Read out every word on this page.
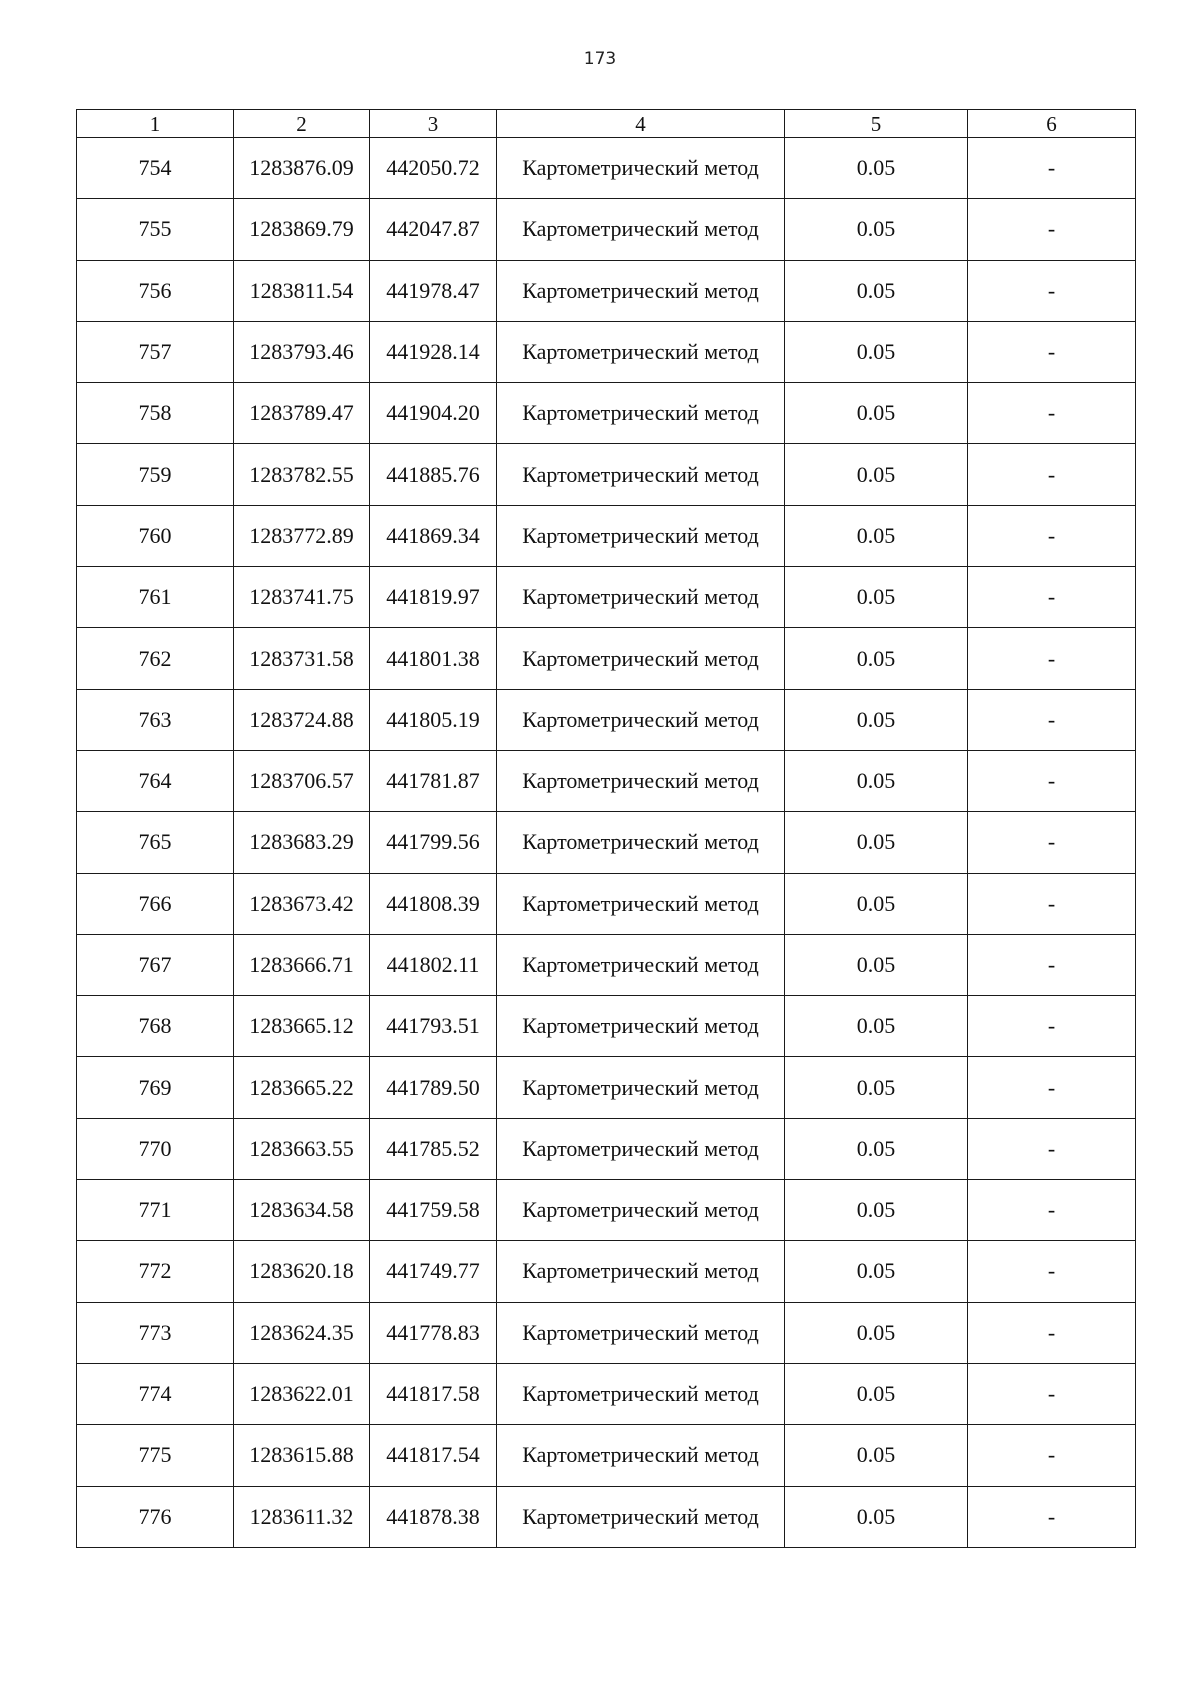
173
1	2	3	4	5	6
754	1283876.09	442050.72	Картометрический метод	0.05	-
755	1283869.79	442047.87	Картометрический метод	0.05	-
756	1283811.54	441978.47	Картометрический метод	0.05	-
757	1283793.46	441928.14	Картометрический метод	0.05	-
758	1283789.47	441904.20	Картометрический метод	0.05	-
759	1283782.55	441885.76	Картометрический метод	0.05	-
760	1283772.89	441869.34	Картометрический метод	0.05	-
761	1283741.75	441819.97	Картометрический метод	0.05	-
762	1283731.58	441801.38	Картометрический метод	0.05	-
763	1283724.88	441805.19	Картометрический метод	0.05	-
764	1283706.57	441781.87	Картометрический метод	0.05	-
765	1283683.29	441799.56	Картометрический метод	0.05	-
766	1283673.42	441808.39	Картометрический метод	0.05	-
767	1283666.71	441802.11	Картометрический метод	0.05	-
768	1283665.12	441793.51	Картометрический метод	0.05	-
769	1283665.22	441789.50	Картометрический метод	0.05	-
770	1283663.55	441785.52	Картометрический метод	0.05	-
771	1283634.58	441759.58	Картометрический метод	0.05	-
772	1283620.18	441749.77	Картометрический метод	0.05	-
773	1283624.35	441778.83	Картометрический метод	0.05	-
774	1283622.01	441817.58	Картометрический метод	0.05	-
775	1283615.88	441817.54	Картометрический метод	0.05	-
776	1283611.32	441878.38	Картометрический метод	0.05	-
